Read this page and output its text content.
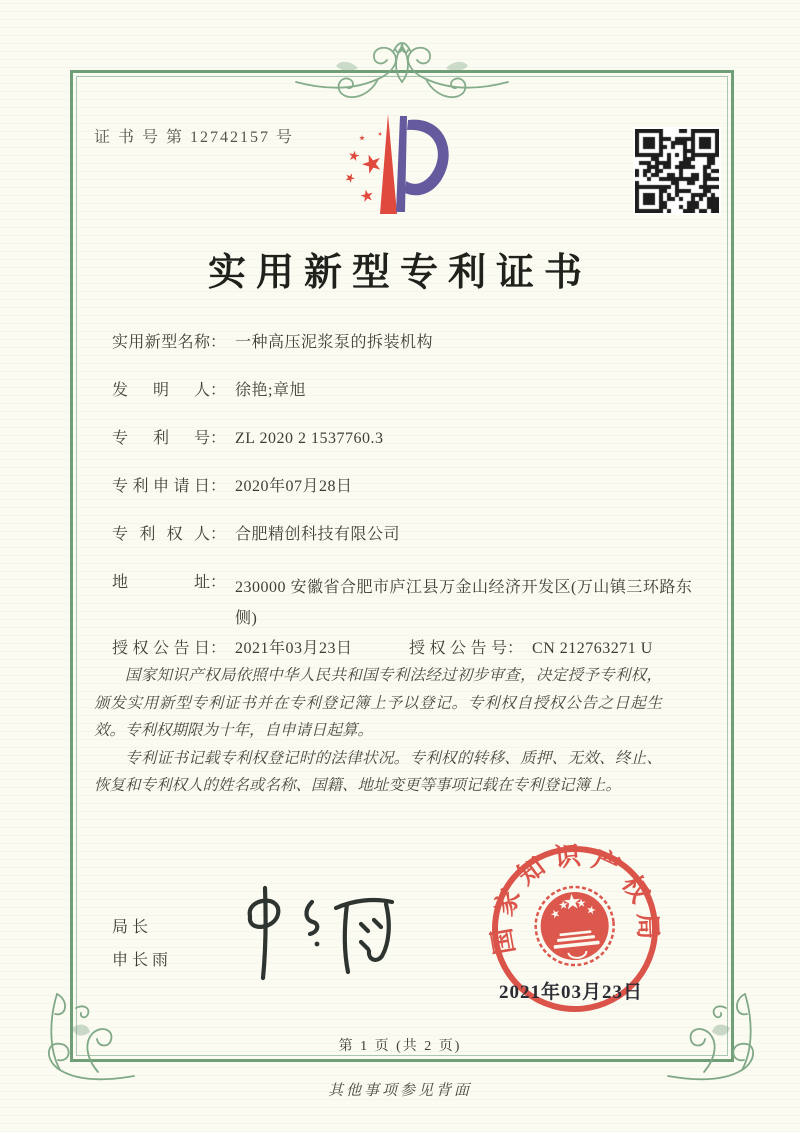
证 书 号 第 12742157 号
实用新型专利证书
实用新型名称： 一种高压泥浆泵的拆装机构
发明人： 徐艳;章旭
专利号： ZL 2020 2 1537760.3
专利申请日： 2020年07月28日
专利权人： 合肥精创科技有限公司
地址： 230000 安徽省合肥市庐江县万金山经济开发区(万山镇三环路东侧)
授权公告日： 2021年03月23日	授权公告号： CN 212763271 U

国家知识产权局依照中华人民共和国专利法经过初步审查，决定授予专利权，颁发实用新型专利证书并在专利登记簿上予以登记。专利权自授权公告之日起生效。专利权期限为十年，自申请日起算。

专利证书记载专利权登记时的法律状况。专利权的转移、质押、无效、终止、恢复和专利权人的姓名或名称、国籍、地址变更等事项记载在专利登记簿上。

局长
申长雨
国家知识产权局
2021年03月23日
第 1 页 (共 2 页)
其他事项参见背面
